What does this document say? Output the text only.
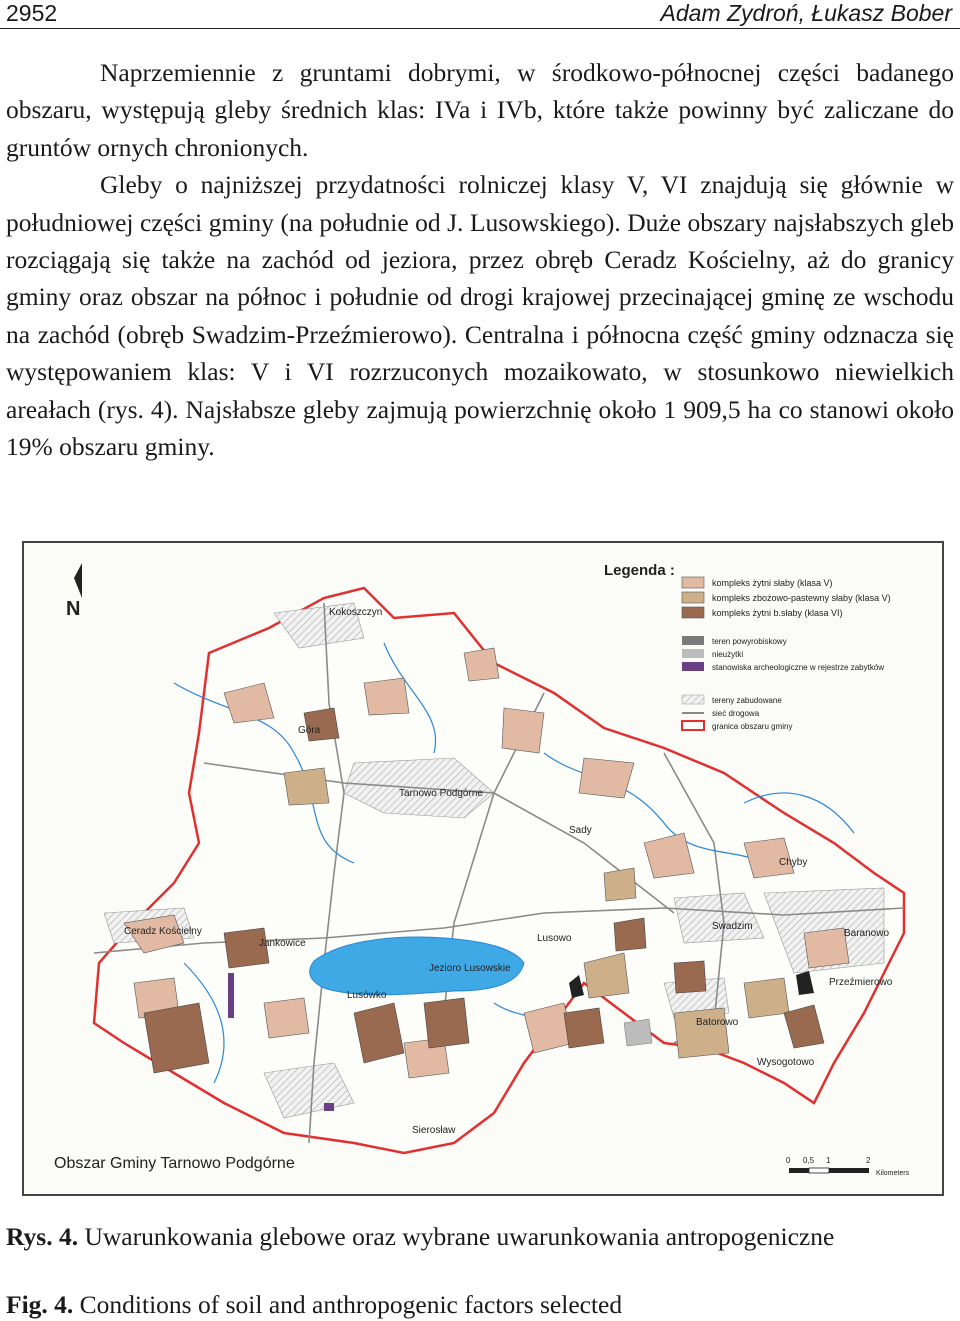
2952	Adam Zydroń, Łukasz Bober

Naprzemiennie z gruntami dobrymi, w środkowo-północnej części badanego obszaru, występują gleby średnich klas: IVa i IVb, które także powinny być zaliczane do gruntów ornych chronionych.

Gleby o najniższej przydatności rolniczej klasy V, VI znajdują się głównie w południowej części gminy (na południe od J. Lusowskiego). Duże obszary najsłabszych gleb rozciągają się także na zachód od jeziora, przez obręb Ceradz Kościelny, aż do granicy gminy oraz obszar na północ i południe od drogi krajowej przecinającej gminę ze wschodu na zachód (obręb Swadzim-Przeźmierowo). Centralna i północna część gminy odznacza się występowaniem klas: V i VI rozrzuconych mozaikowato, w stosunkowo niewielkich areałach (rys. 4). Najsłabsze gleby zajmują powierzchnię około 1 909,5 ha co stanowi około 19% obszaru gminy.

N	Kokoszczyn
Góra
Tarnowo Podgórne
Sady
Chyby
Swadzim
Baranowo
Ceradz Kościelny
Jankowice	Lusowo
Jezioro Lusowskie
Lusówko
Przeźmierowo
Batorowo
Wysogotowo
Sierosław
Obszar Gminy Tarnowo Podgórne
Legenda :
kompleks żytni słaby (klasa V)
kompleks zbożowo-pastewny słaby (klasa V)
kompleks żytni b.słaby (klasa VI)
teren powyrobiskowy
nieużytki
stanowiska archeologiczne w rejestrze zabytków
tereny zabudowane
sieć drogowa
granica obszaru gminy
0 0,5 1	2
Kilometers
Rys. 4. Uwarunkowania glebowe oraz wybrane uwarunkowania antropogeniczne
Fig. 4. Conditions of soil and anthropogenic factors selected
